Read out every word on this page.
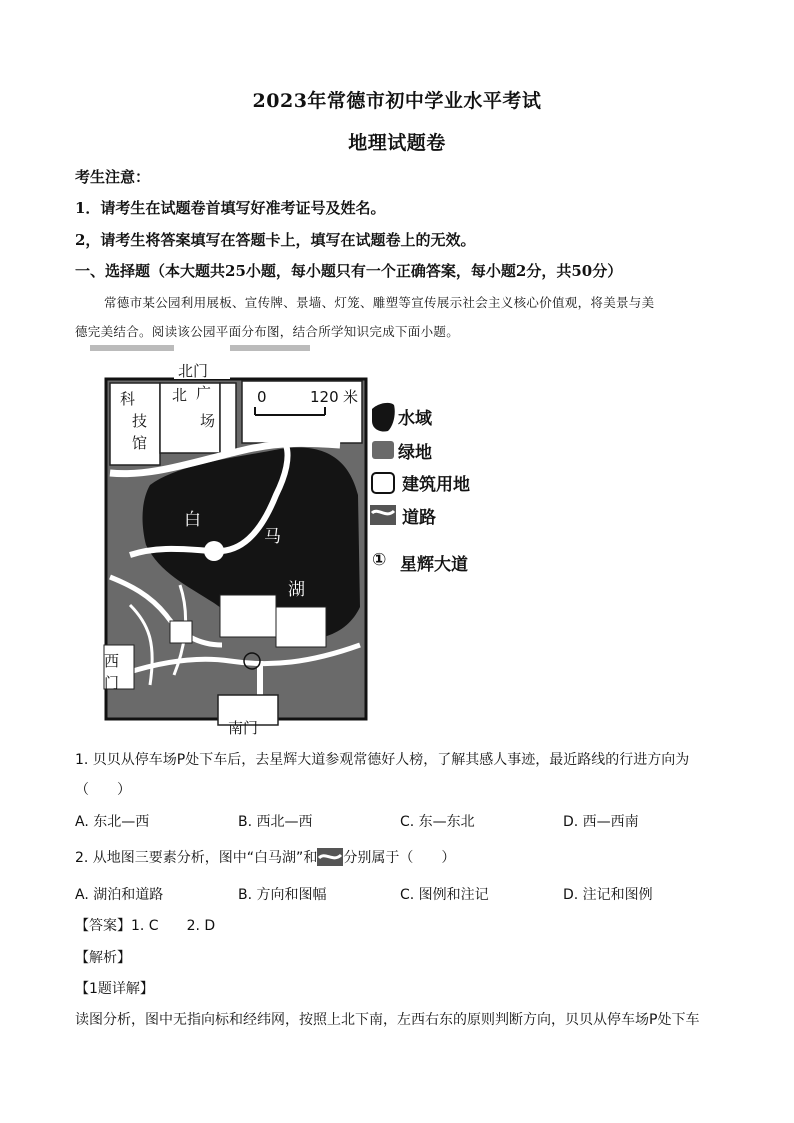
2023年常德市初中学业水平考试
地理试题卷
考生注意：
1．请考生在试题卷首填写好准考证号及姓名。
2，请考生将答案填写在答题卡上，填写在试题卷上的无效。
一、选择题（本大题共25小题，每小题只有一个正确答案，每小题2分，共50分）
常德市某公园利用展板、宣传牌、景墙、灯笼、雕塑等宣传展示社会主义核心价值观，将美景与美
德完美结合。阅读该公园平面分布图，结合所学知识完成下面小题。
北门
科
技
馆
北 广
场
0	120 米
白
马
湖
西
门
南门
水域
绿地
建筑用地
道路
① 星辉大道
1. 贝贝从停车场P处下车后，去星辉大道参观常德好人榜，了解其感人事迹，最近路线的行进方向为
（　　）
A. 东北—西	B. 西北—西	C. 东—东北	D. 西—西南
2. 从地图三要素分析，图中“白马湖”和 分别属于（　　）
A. 湖泊和道路	B. 方向和图幅	C. 图例和注记	D. 注记和图例
【答案】1. C　　2. D
【解析】
【1题详解】
读图分析，图中无指向标和经纬网，按照上北下南，左西右东的原则判断方向，贝贝从停车场P处下车
